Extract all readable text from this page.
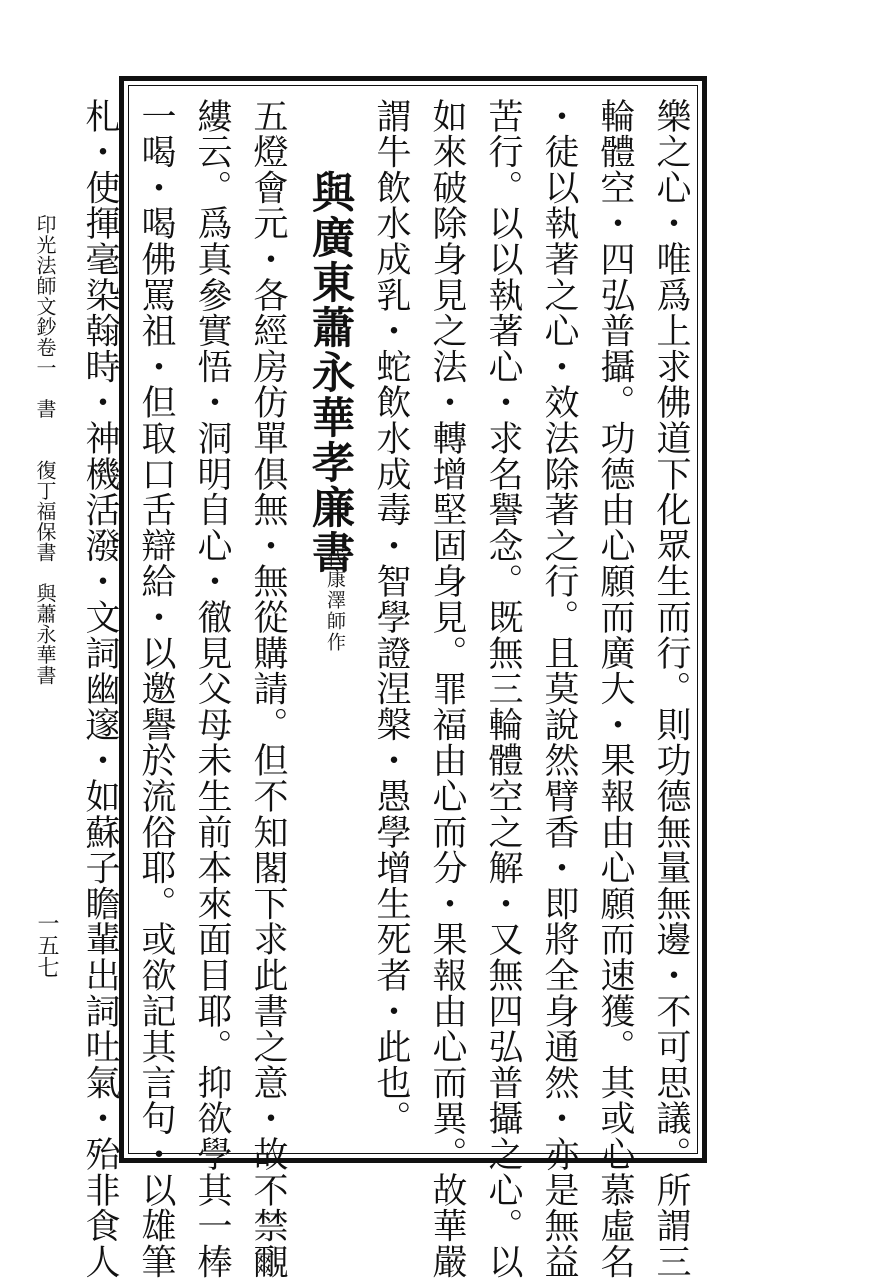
樂之心・唯爲上求佛道下化眾生而行。則功德無量無邊・不可思議。所謂三
輪體空・四弘普攝。功德由心願而廣大・果報由心願而速獲。其或心慕虛名
・徒以執著之心・效法除著之行。且莫說然臂香・即將全身通然・亦是無益
苦行。以以執著心・求名譽念。既無三輪體空之解・又無四弘普攝之心。以
如來破除身見之法・轉增堅固身見。罪福由心而分・果報由心而異。故華嚴
謂牛飲水成乳・蛇飲水成毒・智學證涅槃・愚學增生死者・此也。
與廣東蕭永華孝廉書
代康澤師作
五燈會元・各經房仿單俱無・無從購請。但不知閣下求此書之意・故不禁覼
縷云。爲真參實悟・洞明自心・徹見父母未生前本來面目耶。抑欲學其一棒
一喝・喝佛罵祖・但取口舌辯給・以邀譽於流俗耶。或欲記其言句・以雄筆
札・使揮毫染翰時・神機活潑・文詞幽邃・如蘇子瞻輩出詞吐氣・殆非食人
印光法師文鈔卷一　書　　復丁福保書　與蕭永華書
一五七
